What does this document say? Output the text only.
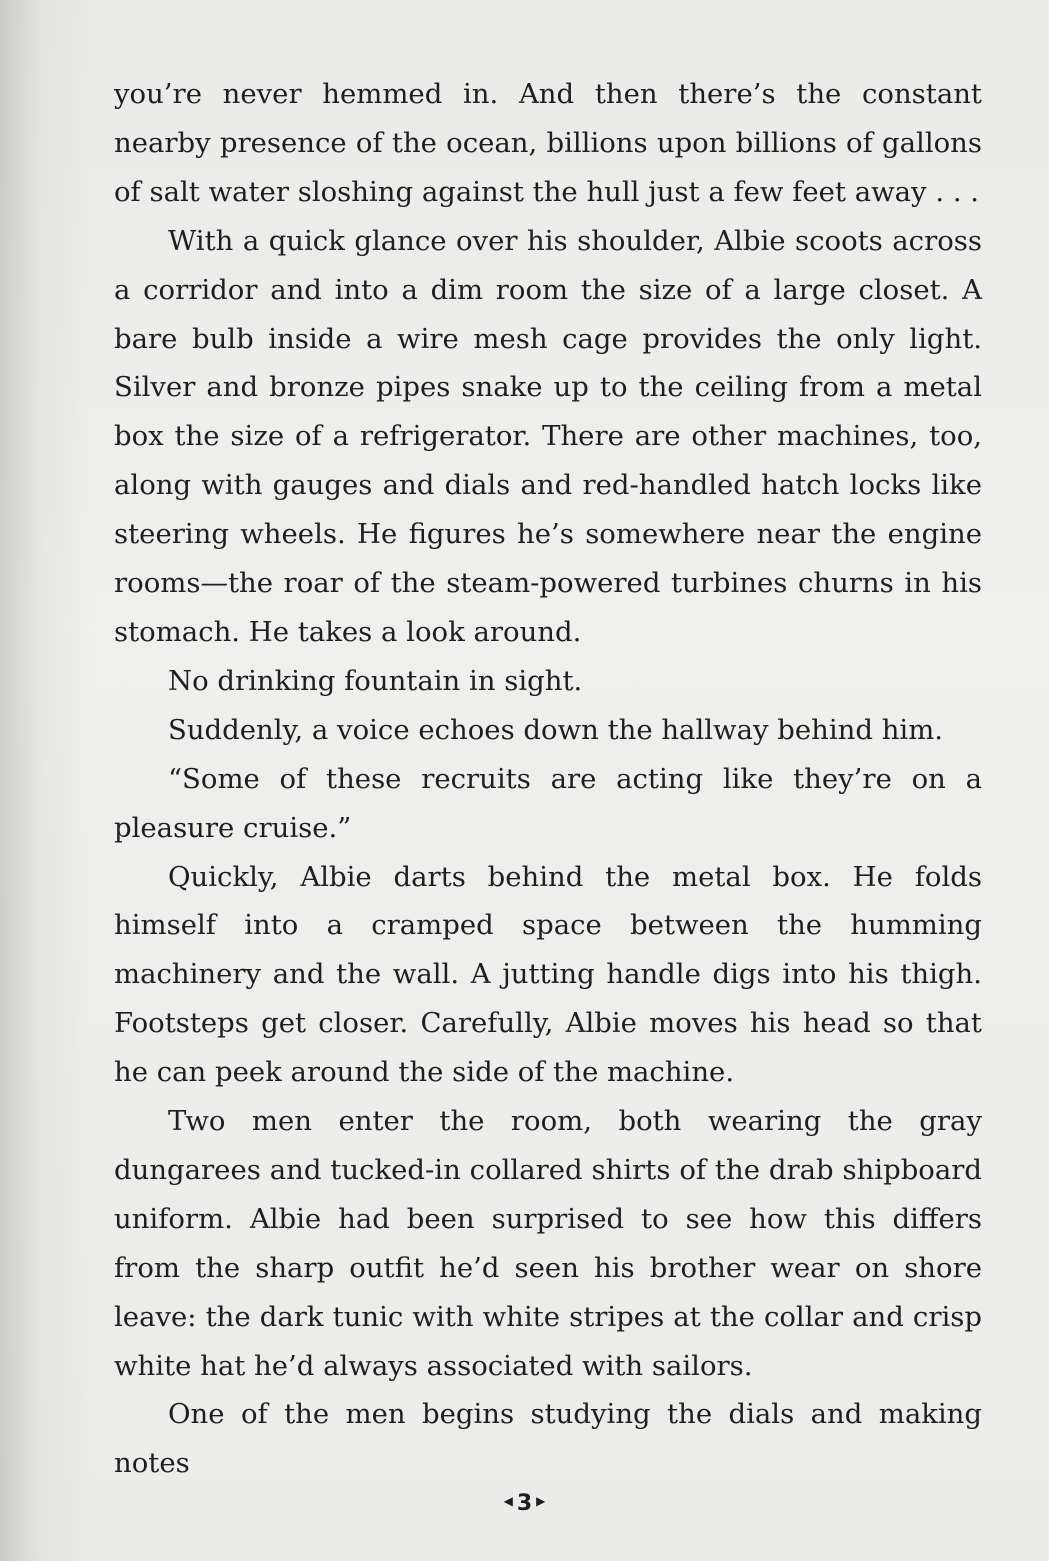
you’re never hemmed in. And then there’s the constant nearby presence of the ocean, billions upon billions of gallons of salt water sloshing against the hull just a few feet away . . .

With a quick glance over his shoulder, Albie scoots across a corridor and into a dim room the size of a large closet. A bare bulb inside a wire mesh cage provides the only light. Silver and bronze pipes snake up to the ceiling from a metal box the size of a refrigerator. There are other machines, too, along with gauges and dials and red-handled hatch locks like steering wheels. He figures he’s somewhere near the engine rooms—the roar of the steam-powered turbines churns in his stomach. He takes a look around.

No drinking fountain in sight.

Suddenly, a voice echoes down the hallway behind him.

“Some of these recruits are acting like they’re on a pleasure cruise.”

Quickly, Albie darts behind the metal box. He folds himself into a cramped space between the humming machinery and the wall. A jutting handle digs into his thigh. Footsteps get closer. Carefully, Albie moves his head so that he can peek around the side of the machine.

Two men enter the room, both wearing the gray dungarees and tucked-in collared shirts of the drab shipboard uniform. Albie had been surprised to see how this differs from the sharp outfit he’d seen his brother wear on shore leave: the dark tunic with white stripes at the collar and crisp white hat he’d always associated with sailors.

One of the men begins studying the dials and making notes

◀ 3 ▶
